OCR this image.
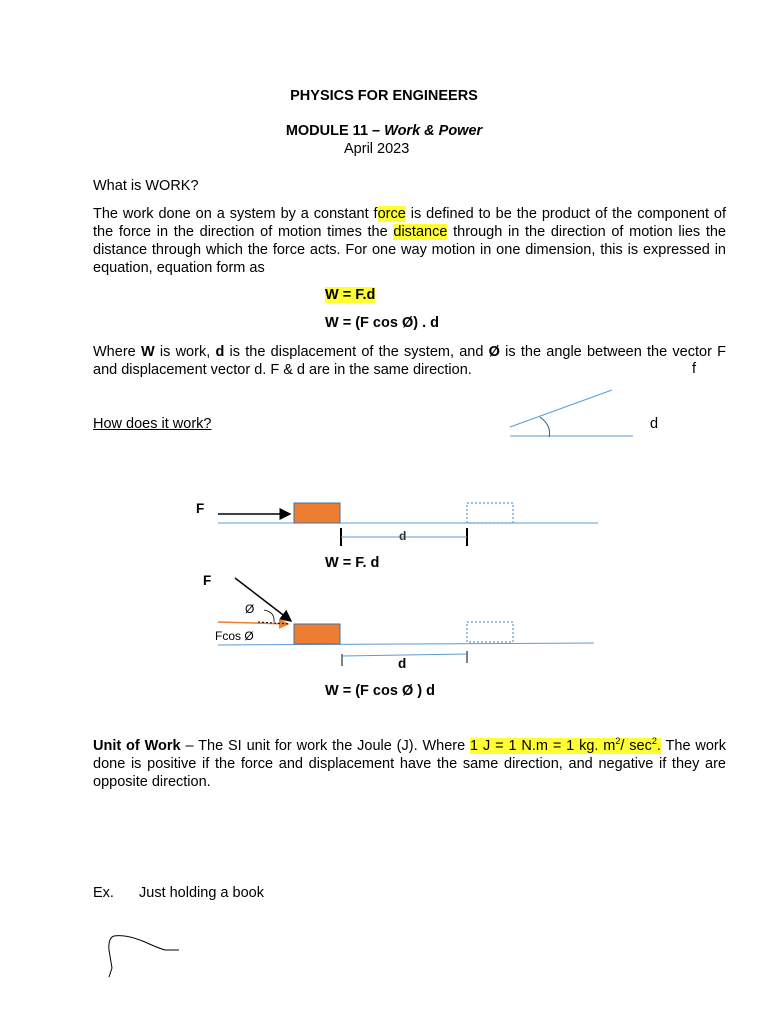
PHYSICS FOR ENGINEERS
MODULE 11 – Work & Power
April 2023
What is WORK?
The work done on a system by a constant force is defined to be the product of the component of the force in the direction of motion times the distance through in the direction of motion lies the distance through which the force acts. For one way motion in one dimension, this is expressed in equation, equation form as
W = F.d
W = (F cos Ø) . d
Where W is work, d is the displacement of the system, and Ø is the angle between the vector F and displacement vector d. F & d are in the same direction.	f
How does it work?	d
F
d
W = F. d
F
Ø
Fcos Ø
d
W = (F cos Ø ) d
Unit of Work – The SI unit for work the Joule (J). Where 1 J = 1 N.m = 1 kg. $m^2/$ $\sec^2$. The work done is positive if the force and displacement have the same direction, and negative if they are opposite direction.
Ex. Just holding a book
